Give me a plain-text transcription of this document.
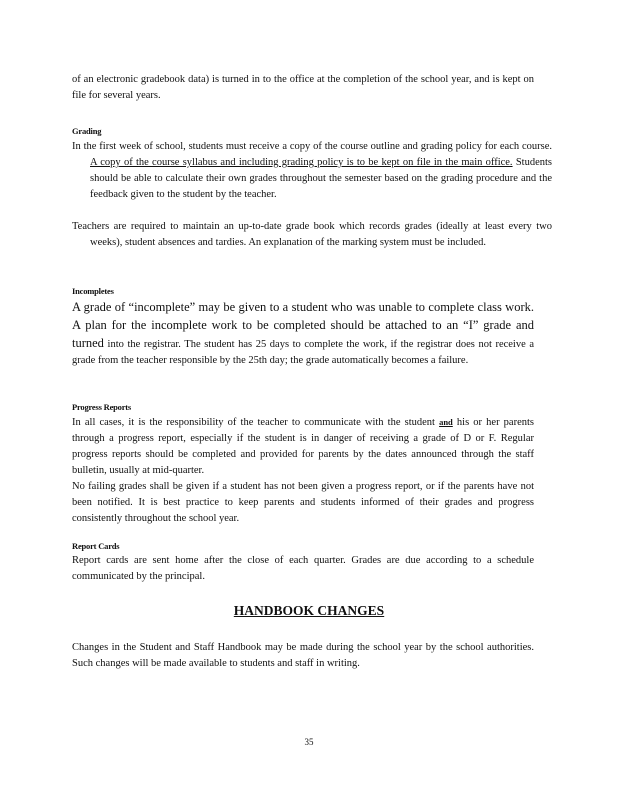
of an electronic gradebook data) is turned in to the office at the completion of the school year, and is kept on file for several years.

Grading

In the first week of school, students must receive a copy of the course outline and grading policy for each course. A copy of the course syllabus and including grading policy is to be kept on file in the main office. Students should be able to calculate their own grades throughout the semester based on the grading procedure and the feedback given to the student by the teacher.

Teachers are required to maintain an up-to-date grade book which records grades (ideally at least every two weeks), student absences and tardies. An explanation of the marking system must be included.

Incompletes

A grade of “incomplete” may be given to a student who was unable to complete class work. A plan for the incomplete work to be completed should be attached to an “I” grade and turned into the registrar. The student has 25 days to complete the work, if the registrar does not receive a grade from the teacher responsible by the 25th day; the grade automatically becomes a failure.

Progress Reports

In all cases, it is the responsibility of the teacher to communicate with the student and his or her parents through a progress report, especially if the student is in danger of receiving a grade of D or F. Regular progress reports should be completed and provided for parents by the dates announced through the staff bulletin, usually at mid-quarter.

No failing grades shall be given if a student has not been given a progress report, or if the parents have not been notified. It is best practice to keep parents and students informed of their grades and progress consistently throughout the school year.

Report Cards

Report cards are sent home after the close of each quarter. Grades are due according to a schedule communicated by the principal.

HANDBOOK CHANGES

Changes in the Student and Staff Handbook may be made during the school year by the school authorities. Such changes will be made available to students and staff in writing.

35
